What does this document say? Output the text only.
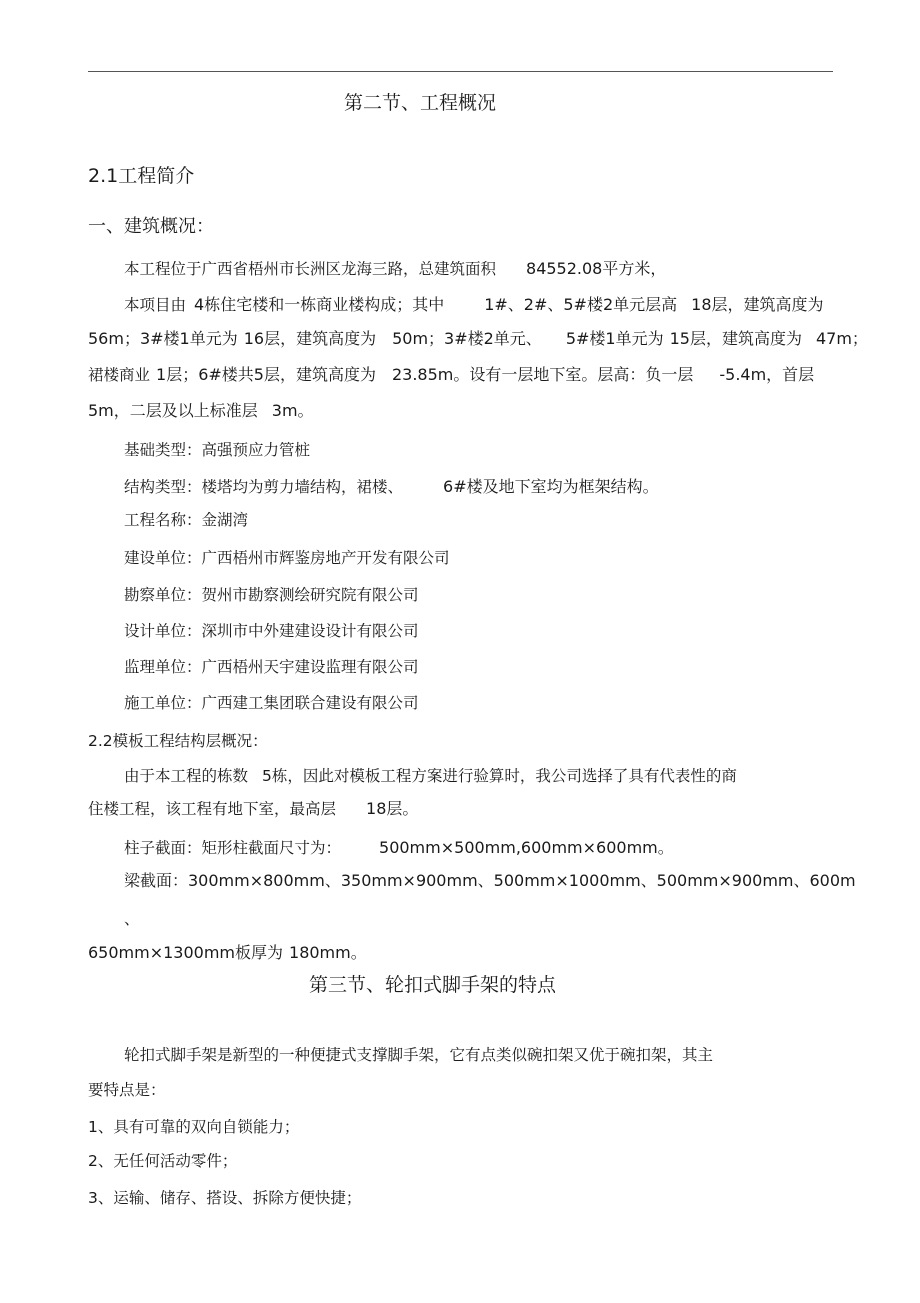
第二节、工程概况
2.1工程简介
一、建筑概况：
本工程位于广西省梧州市长洲区龙海三路，总建筑面积 84552.08平方米，
本项目由 4栋住宅楼和一栋商业楼构成；其中	1#、2#、5#楼2单元层高 18层，建筑高度为
56m；3#楼1单元为 16层，建筑高度为 50m；3#楼2单元、 5#楼1单元为 15层，建筑高度为 47m；
裙楼商业 1层；6#楼共5层，建筑高度为 23.85m。设有一层地下室。层高：负一层 -5.4m，首层
5m，二层及以上标准层 3m。
基础类型：高强预应力管桩
结构类型：楼塔均为剪力墙结构，裙楼、	6#楼及地下室均为框架结构。
工程名称：金湖湾
建设单位：广西梧州市辉鉴房地产开发有限公司
勘察单位：贺州市勘察测绘研究院有限公司
设计单位：深圳市中外建建设设计有限公司
监理单位：广西梧州天宇建设监理有限公司
施工单位：广西建工集团联合建设有限公司
2.2模板工程结构层概况：
由于本工程的栋数 5栋，因此对模板工程方案进行验算时，我公司选择了具有代表性的商
住楼工程，该工程有地下室，最高层 18层。
柱子截面：矩形柱截面尺寸为： 500mm×500mm,600mm×600mm。
梁截面：300mm×800mm、350mm×900mm、500mm×1000mm、500mm×900mm、600m
、
650mm×1300mm板厚为 180mm。
第三节、轮扣式脚手架的特点
轮扣式脚手架是新型的一种便捷式支撑脚手架，它有点类似碗扣架又优于碗扣架，其主
要特点是：
1、具有可靠的双向自锁能力；
2、无任何活动零件；
3、运输、储存、搭设、拆除方便快捷；
